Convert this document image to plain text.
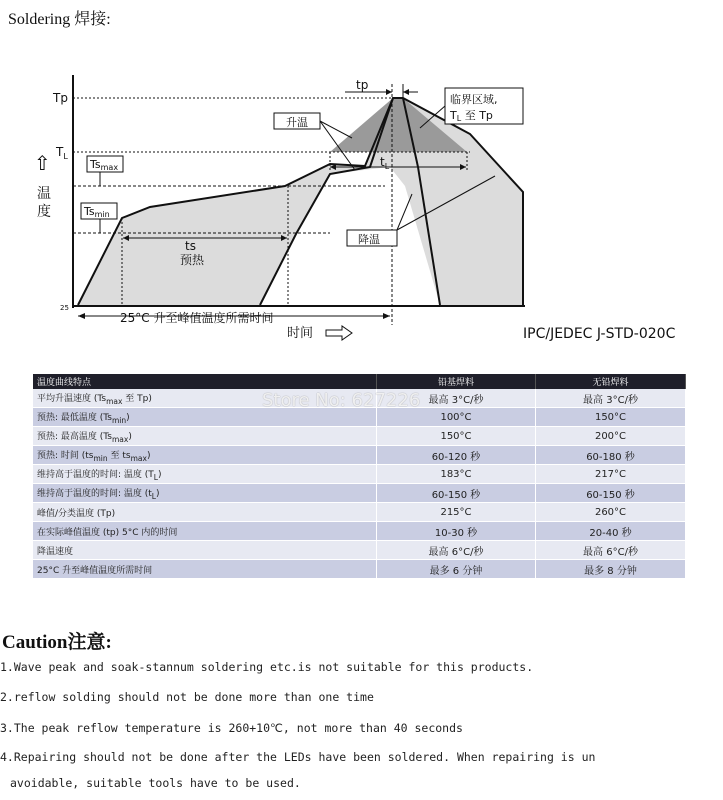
Soldering 焊接:
tp
$t_L$
ts
预热
25°C 升至峰值温度所需时间
Tp
$T_L$
25
⇧
温
度
Tsmax
Tsmin
升温
临界区域,
TL 至 Tp
降温
时间	IPC/JEDEC J-STD-020C
温度曲线特点	铅基焊料	无铅焊料
平均升温速度 ($Ts_{max}$ 至 Tp)	最高 3°C/秒	最高 3°C/秒
预热: 最低温度 $(Ts_{min})$	100°C	150°C
预热: 最高温度 $(Ts_{max})$	150°C	200°C
预热: 时间 ($ts_{min}$ 至 $ts_{max}$)	60-120 秒	60-180 秒
维持高于温度的时间: 温度 $(T_L)$	183°C	217°C
维持高于温度的时间: 温度 $(t_L)$	60-150 秒	60-150 秒
峰值/分类温度 (Tp)	215°C	260°C
在实际峰值温度 (tp) 5°C 内的时间	10-30 秒	20-40 秒
降温速度	最高 6°C/秒	最高 6°C/秒
25°C 升至峰值温度所需时间	最多 6 分钟	最多 8 分钟
Store No: 627226
Caution注意:
1.Wave peak and soak-stannum soldering etc.is not suitable for this products.
2.reflow solding should not be done more than one time
3.The peak reflow temperature is 260+10℃, not more than 40 seconds
4.Repairing should not be done after the LEDs have been soldered. When repairing is un
avoidable, suitable tools have to be used.
